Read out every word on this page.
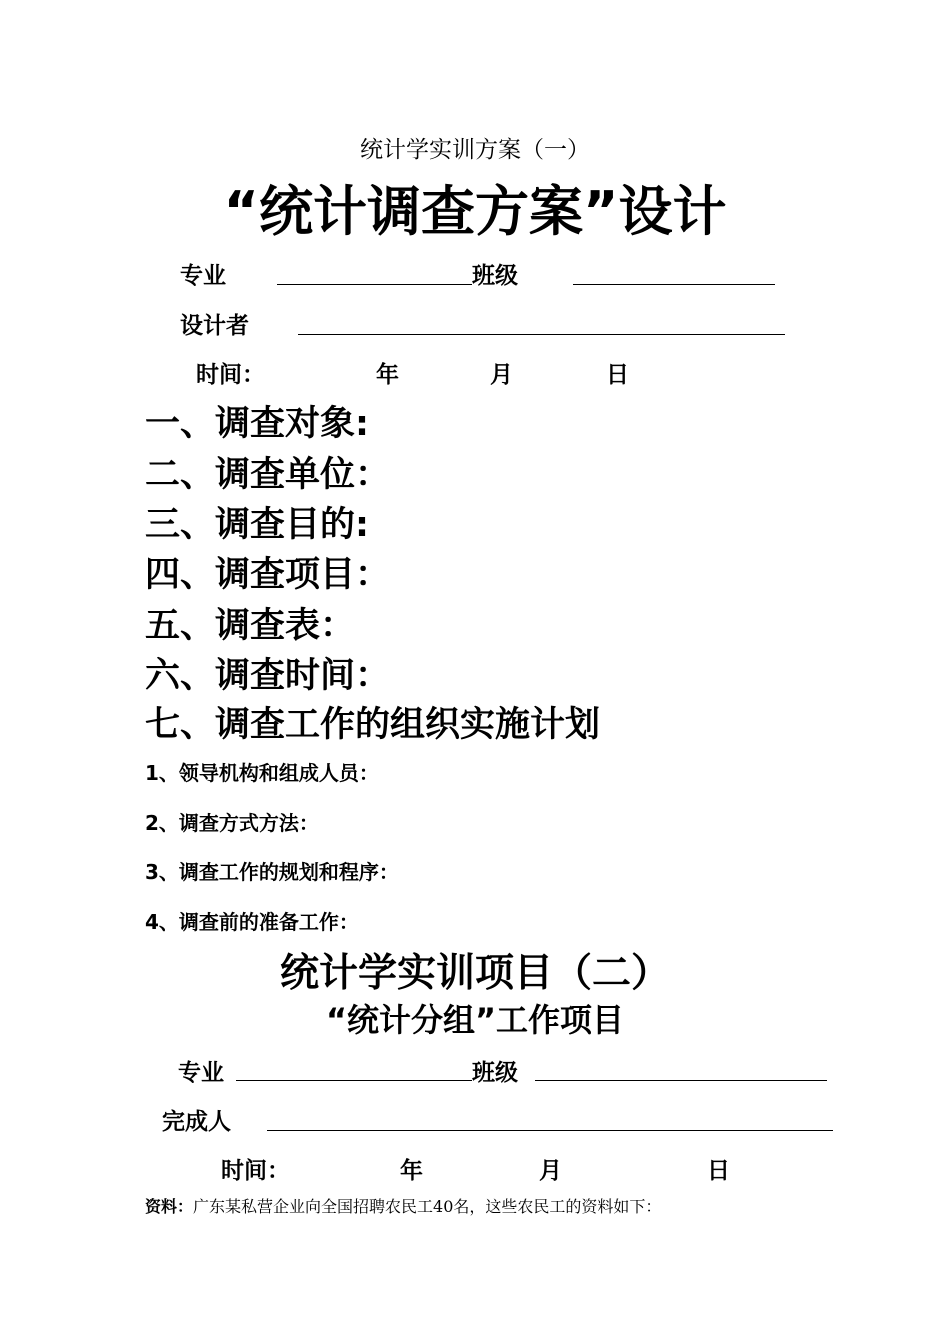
统计学实训方案（一）
“统计调查方案”设计
专业	班级
设计者
时间：	年	月	日
一、调查对象:
二、调查单位：
三、调查目的:
四、调查项目：
五、调查表：
六、调查时间：
七、调查工作的组织实施计划
1、领导机构和组成人员：
2、调查方式方法：
3、调查工作的规划和程序：
4、调查前的准备工作：
统计学实训项目（二）
“统计分组”工作项目
专业	班级
完成人
时间：	年	月	日
资料：广东某私营企业向全国招聘农民工40名，这些农民工的资料如下：
